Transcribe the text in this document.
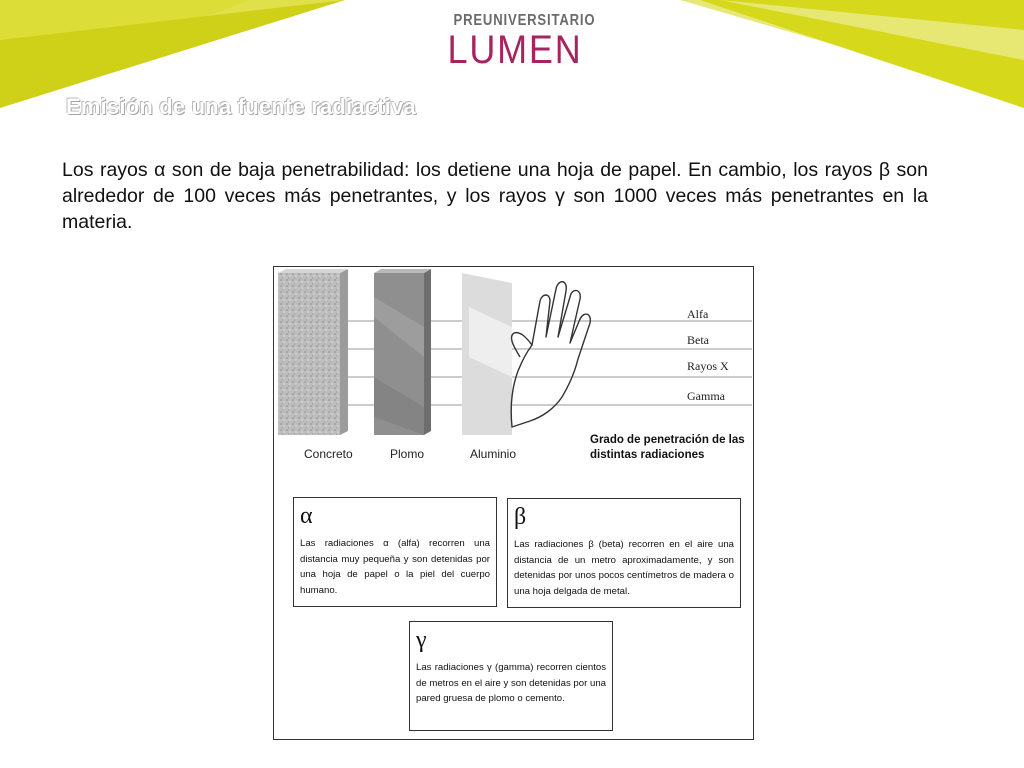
PREUNIVERSITARIO
LUMEN
Emisión de una fuente radiactiva

Los rayos α son de baja penetrabilidad: los detiene una hoja de papel. En cambio, los rayos β son alrededor de 100 veces más penetrantes, y los rayos γ son 1000 veces más penetrantes en la materia.

Concreto	Plomo	Aluminio
Alfa
Beta
Rayos X
Gamma
Grado de penetración de las distintas radiaciones
α
Las radiaciones α (alfa) recorren una distancia muy pequeña y son detenidas por una hoja de papel o la piel del cuerpo humano.
β
Las radiaciones β (beta) recorren en el aire una distancia de un metro aproximadamente, y son detenidas por unos pocos centímetros de madera o una hoja delgada de metal.
γ
Las radiaciones γ (gamma) recorren cientos de metros en el aire y son detenidas por una pared gruesa de plomo o cemento.
